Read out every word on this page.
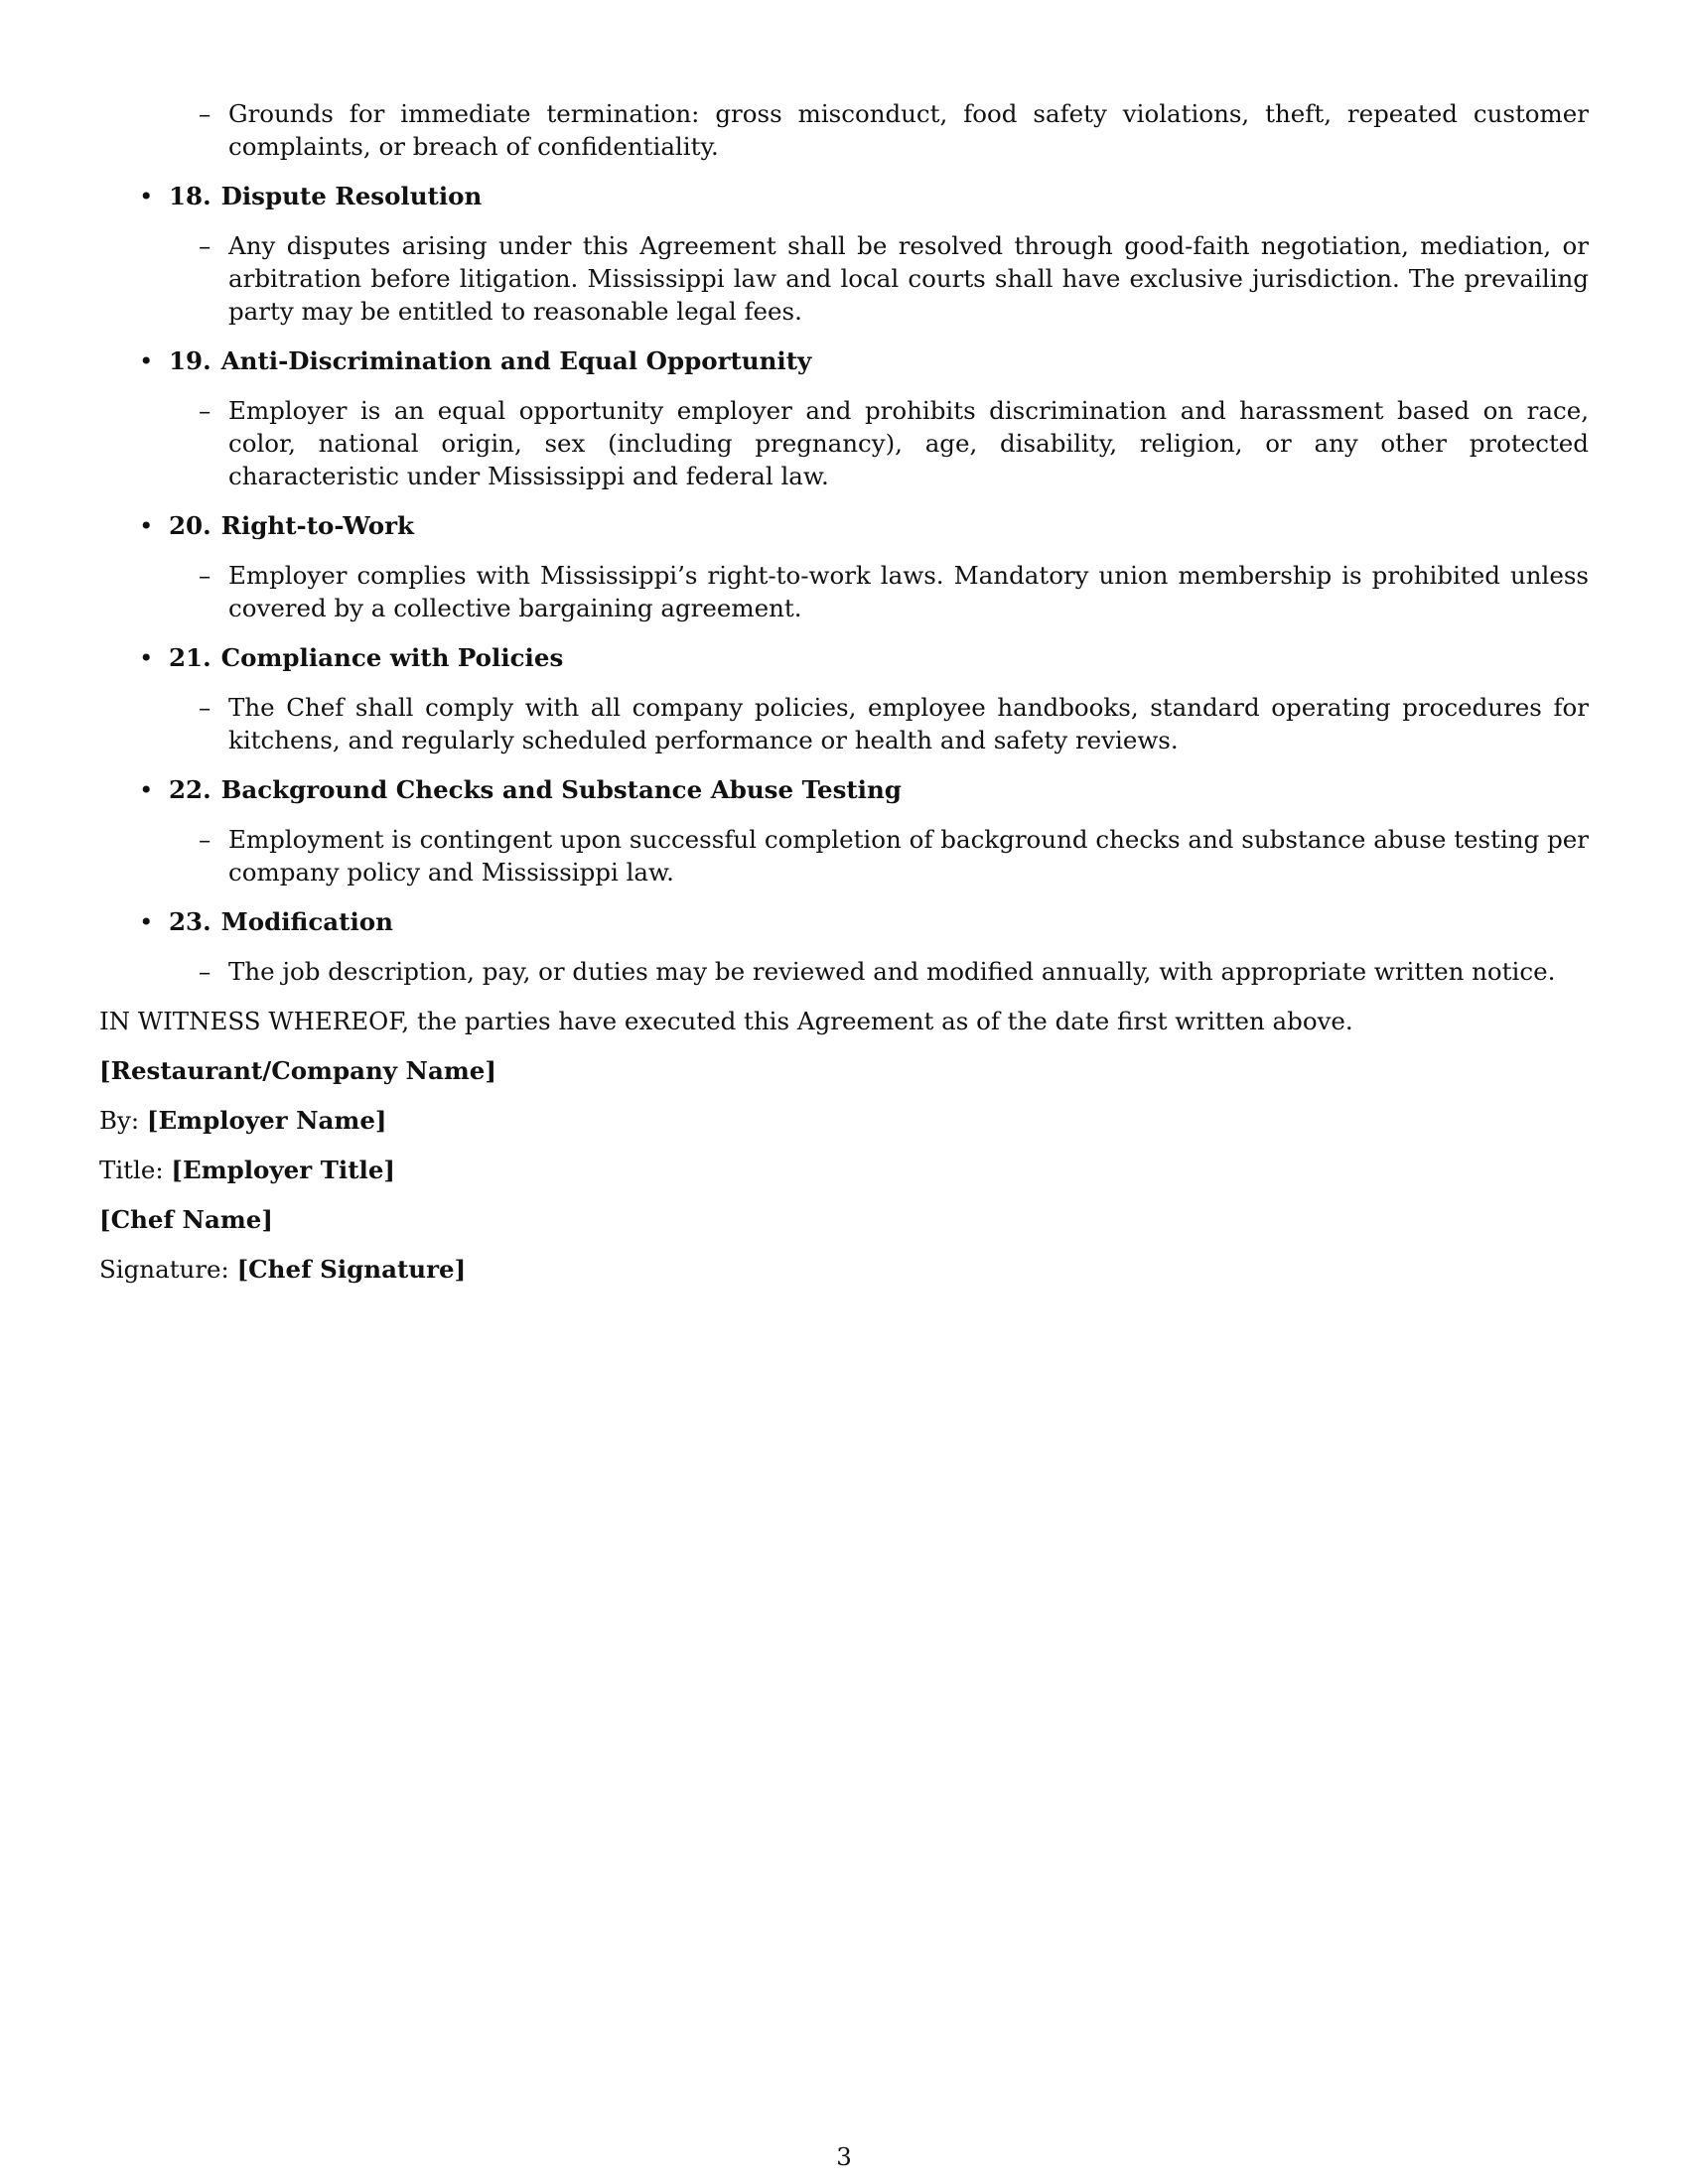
– Grounds for immediate termination: gross misconduct, food safety violations, theft, repeated customer complaints, or breach of confidentiality.
• 18. Dispute Resolution
– Any disputes arising under this Agreement shall be resolved through good-faith negotiation, mediation, or arbitration before litigation. Mississippi law and local courts shall have exclusive jurisdiction. The prevailing party may be entitled to reasonable legal fees.
• 19. Anti-Discrimination and Equal Opportunity
– Employer is an equal opportunity employer and prohibits discrimination and harassment based on race, color, national origin, sex (including pregnancy), age, disability, religion, or any other protected characteristic under Mississippi and federal law.
• 20. Right-to-Work
– Employer complies with Mississippi’s right-to-work laws. Mandatory union membership is prohibited unless covered by a collective bargaining agreement.
• 21. Compliance with Policies
– The Chef shall comply with all company policies, employee handbooks, standard operating procedures for kitchens, and regularly scheduled performance or health and safety reviews.
• 22. Background Checks and Substance Abuse Testing
– Employment is contingent upon successful completion of background checks and substance abuse testing per company policy and Mississippi law.
• 23. Modification
– The job description, pay, or duties may be reviewed and modified annually, with appropriate written notice.
IN WITNESS WHEREOF, the parties have executed this Agreement as of the date first written above.
[Restaurant/Company Name]
By: [Employer Name]
Title: [Employer Title]
[Chef Name]
Signature: [Chef Signature]
3
